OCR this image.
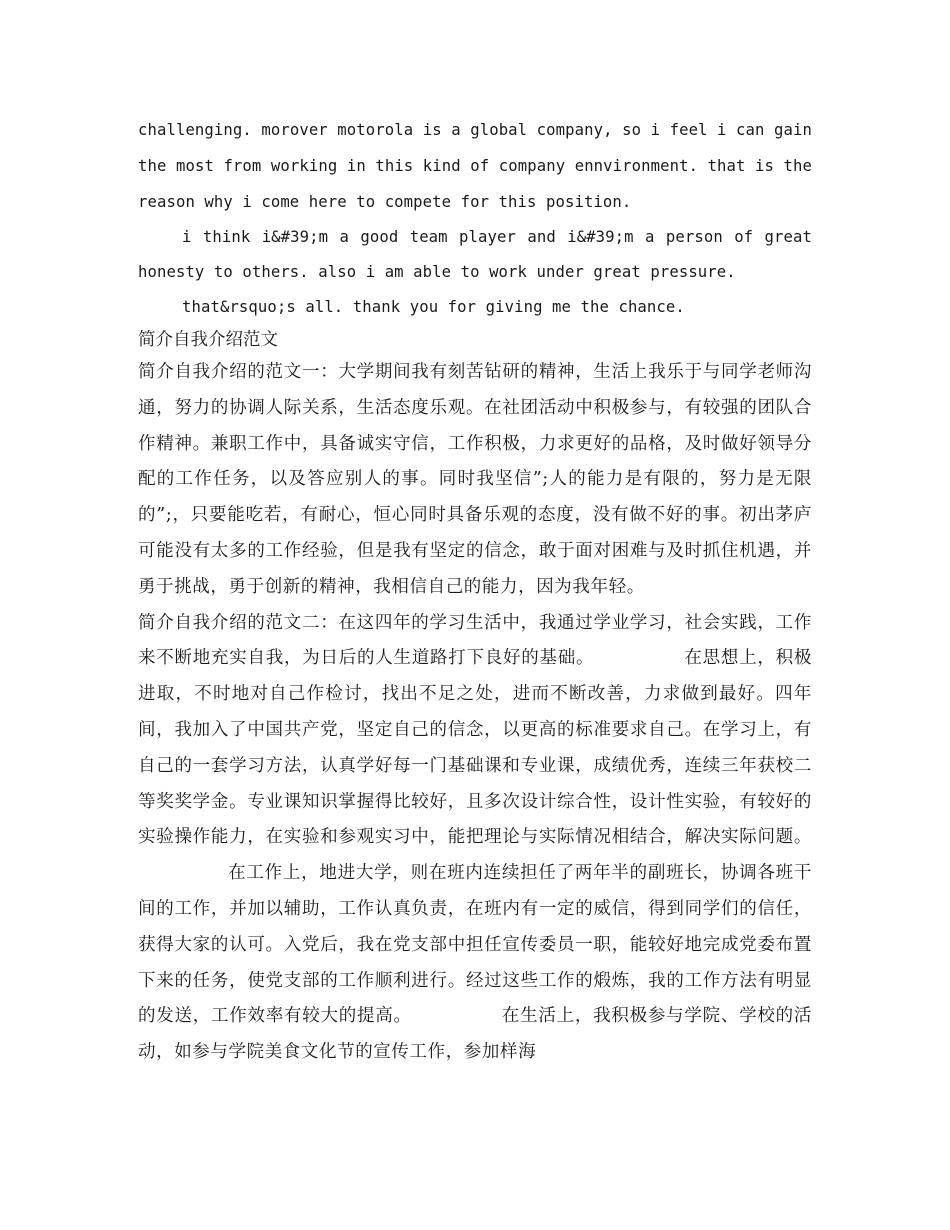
challenging. morover motorola is a global company, so i feel i can gain the most from working in this kind of company ennvironment. that is the reason why i come here to compete for this position.

i think i&#39;m a good team player and i&#39;m a person of great honesty to others. also i am able to work under great pressure.

that&rsquo;s all. thank you for giving me the chance.

简介自我介绍范文

简介自我介绍的范文一：大学期间我有刻苦钻研的精神，生活上我乐于与同学老师沟通，努力的协调人际关系，生活态度乐观。在社团活动中积极参与，有较强的团队合作精神。兼职工作中，具备诚实守信，工作积极，力求更好的品格，及时做好领导分配的工作任务，以及答应别人的事。同时我坚信”;人的能力是有限的，努力是无限的”;，只要能吃若，有耐心，恒心同时具备乐观的态度，没有做不好的事。初出茅庐可能没有太多的工作经验，但是我有坚定的信念，敢于面对困难与及时抓住机遇，并勇于挑战，勇于创新的精神，我相信自己的能力，因为我年轻。

简介自我介绍的范文二：在这四年的学习生活中，我通过学业学习，社会实践，工作来不断地充实自我，为日后的人生道路打下良好的基础。	在思想上，积极进取，不时地对自己作检讨，找出不足之处，进而不断改善，力求做到最好。四年间，我加入了中国共产党，坚定自己的信念，以更高的标准要求自己。在学习上，有自己的一套学习方法，认真学好每一门基础课和专业课，成绩优秀，连续三年获校二等奖奖学金。专业课知识掌握得比较好，且多次设计综合性，设计性实验，有较好的实验操作能力，在实验和参观实习中，能把理论与实际情况相结合，解决实际问题。在工作上，地进大学，则在班内连续担任了两年半的副班长，协调各班干间的工作，并加以辅助，工作认真负责，在班内有一定的威信，得到同学们的信任，获得大家的认可。入党后，我在党支部中担任宣传委员一职，能较好地完成党委布置下来的任务，使党支部的工作顺利进行。经过这些工作的煅炼，我的工作方法有明显的发送，工作效率有较大的提高。	在生活上，我积极参与学院、学校的活动，如参与学院美食文化节的宣传工作，参加样海
